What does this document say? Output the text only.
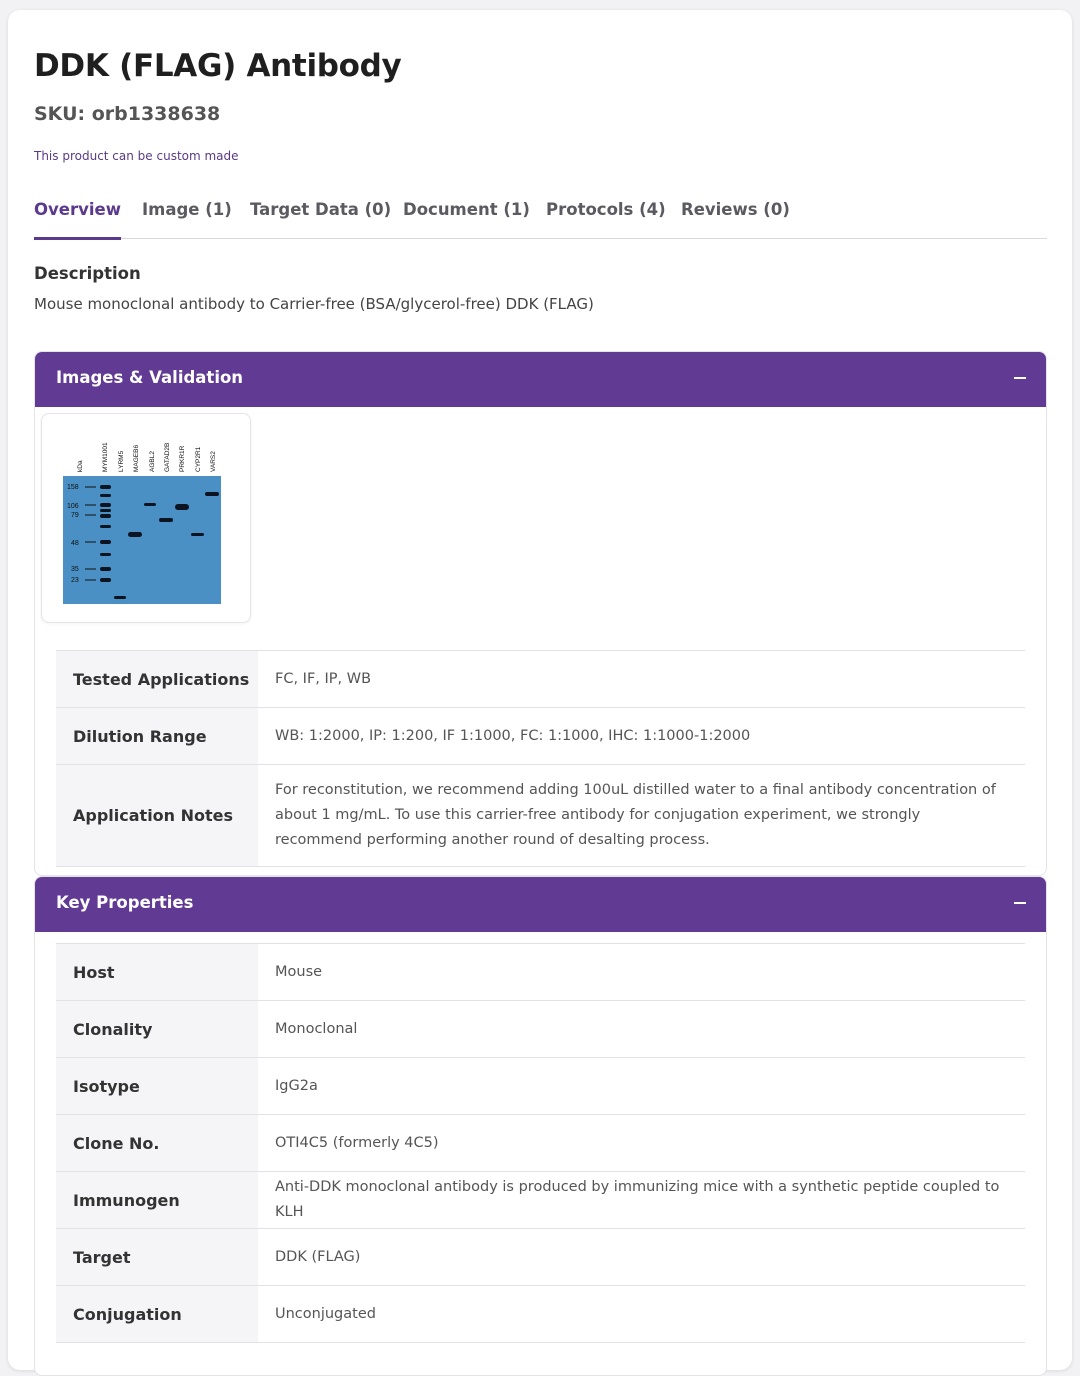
DDK (FLAG) Antibody
SKU: orb1338638
This product can be custom made
Overview Image (1) Target Data (0) Document (1) Protocols (4) Reviews (0)
Description
Mouse monoclonal antibody to Carrier-free (BSA/glycerol-free) DDK (FLAG)
Images & Validation
kDa	MYM1001 LYRM5 MAGEB6 AGBL2 GATAD2B PRKR1R CYP2R1 VARS2
158
106
79
48
35
23
Tested Applications	FC, IF, IP, WB
Dilution Range	WB: 1:2000, IP: 1:200, IF 1:1000, FC: 1:1000, IHC: 1:1000-1:2000
Application Notes	For reconstitution, we recommend adding 100uL distilled water to a final antibody concentration of about 1 mg/mL. To use this carrier-free antibody for conjugation experiment, we strongly recommend performing another round of desalting process.
Key Properties
Host	Mouse
Clonality	Monoclonal
Isotype	IgG2a
Clone No.	OTI4C5 (formerly 4C5)
Immunogen	Anti-DDK monoclonal antibody is produced by immunizing mice with a synthetic peptide coupled to KLH
Target	DDK (FLAG)
Conjugation	Unconjugated
